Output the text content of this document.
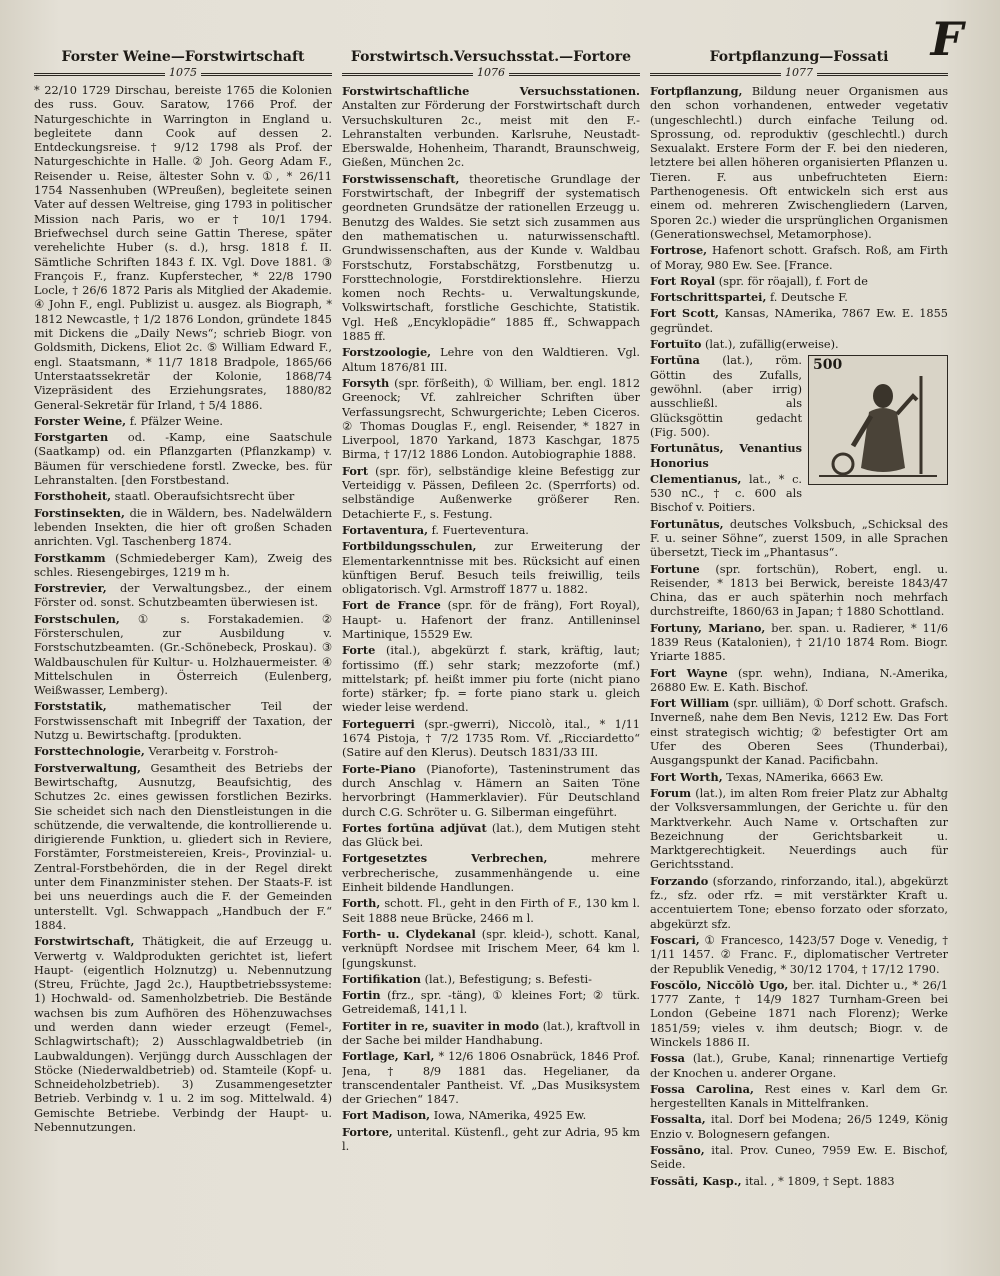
F
Forster Weine—Forstwirtschaft
1075
* 22/10 1729 Dirschau, bereiste 1765 die Kolonien des russ. Gouv. Saratow, 1766 Prof. der Naturgeschichte in Warrington in England u. begleitete dann Cook auf dessen 2. Entdeckungsreise. † 9/12 1798 als Prof. der Naturgeschichte in Halle. ② Joh. Georg Adam F., Reisender u. Reise, ältester Sohn v. ①, * 26/11 1754 Nassenhuben (WPreußen), begleitete seinen Vater auf dessen Weltreise, ging 1793 in politischer Mission nach Paris, wo er † 10/1 1794. Briefwechsel durch seine Gattin Therese, später verehelichte Huber (s. d.), hrsg. 1818 f. II. Sämtliche Schriften 1843 f. IX. Vgl. Dove 1881. ③ François F., franz. Kupferstecher, * 22/8 1790 Locle, † 26/6 1872 Paris als Mitglied der Akademie. ④ John F., engl. Publizist u. ausgez. als Biograph, * 1812 Newcastle, † 1/2 1876 London, gründete 1845 mit Dickens die „Daily News“; schrieb Biogr. von Goldsmith, Dickens, Eliot 2c. ⑤ William Edward F., engl. Staatsmann, * 11/7 1818 Bradpole, 1865/66 Unterstaatssekretär der Kolonie, 1868/74 Vizepräsident des Erziehungsrates, 1880/82 General-Sekretär für Irland, † 5/4 1886.
Forster Weine, f. Pfälzer Weine.
Forstgarten od. -Kamp, eine Saatschule (Saatkamp) od. ein Pflanzgarten (Pflanzkamp) v. Bäumen für verschiedene forstl. Zwecke, bes. für Lehranstalten. [den Forstbestand.
Forsthoheit, staatl. Oberaufsichtsrecht über
Forstinsekten, die in Wäldern, bes. Nadelwäldern lebenden Insekten, die hier oft großen Schaden anrichten. Vgl. Taschenberg 1874.
Forstkamm (Schmiedeberger Kam), Zweig des schles. Riesengebirges, 1219 m h.
Forstrevier, der Verwaltungsbez., der einem Förster od. sonst. Schutzbeamten überwiesen ist.
Forstschulen, ① s. Forstakademien. ② Försterschulen, zur Ausbildung v. Forstschutzbeamten. (Gr.-Schönebeck, Proskau). ③ Waldbauschulen für Kultur- u. Holzhauermeister. ④ Mittelschulen in Österreich (Eulenberg, Weißwasser, Lemberg).
Forststatik,	mathematischer Teil der Forstwissenschaft mit Inbegriff der Taxation, der Nutzg u. Bewirtschaftg. [produkten.
Forsttechnologie, Verarbeitg v. Forstroh-
Forstverwaltung, Gesamtheit des Betriebs der Bewirtschaftg, Ausnutzg, Beaufsichtig, des Schutzes 2c. eines gewissen forstlichen Bezirks. Sie scheidet sich nach den Dienstleistungen in die schützende, die verwaltende, die kontrollierende u. dirigierende Funktion, u. gliedert sich in Reviere, Forstämter, Forstmeistereien, Kreis-, Provinzial- u. Zentral-Forstbehörden, die in der Regel direkt unter dem Finanzminister stehen. Der Staats-F. ist bei uns neuerdings auch die F. der Gemeinden unterstellt. Vgl. Schwappach „Handbuch der F.“ 1884.
Forstwirtschaft, Thätigkeit, die auf Erzeugg u. Verwertg v. Waldprodukten gerichtet ist, liefert Haupt- (eigentlich Holznutzg) u. Nebennutzung (Streu, Früchte, Jagd 2c.), Hauptbetriebssysteme: 1) Hochwald- od. Samenholzbetrieb. Die Bestände wachsen bis zum Aufhören des Höhenzuwachses und werden dann wieder erzeugt (Femel-, Schlagwirtschaft); 2) Ausschlagwaldbetrieb (in Laubwaldungen). Verjüngg durch Ausschlagen der Stöcke (Niederwaldbetrieb) od. Stamteile (Kopf- u. Schneideholzbetrieb). 3) Zusammengesetzter Betrieb. Verbindg v. 1 u. 2 im sog. Mittelwald. 4) Gemischte Betriebe. Verbindg der Haupt- u. Nebennutzungen.
Forstwirtsch.Versuchsstat.—Fortore
1076
Forstwirtschaftliche Versuchsstationen. Anstalten zur Förderung der Forstwirtschaft durch Versuchskulturen 2c., meist mit den F.-Lehranstalten verbunden. Karlsruhe, Neustadt-Eberswalde, Hohenheim, Tharandt, Braunschweig, Gießen, München 2c.
Forstwissenschaft, theoretische Grundlage der Forstwirtschaft, der Inbegriff der systematisch geordneten Grundsätze der rationellen Erzeugg u. Benutzg des Waldes. Sie setzt sich zusammen aus den mathematischen u. naturwissenschaftl. Grundwissenschaften, aus der Kunde v. Waldbau Forstschutz, Forstabschätzg, Forstbenutzg u. Forsttechnologie, Forstdirektionslehre. Hierzu komen noch Rechts- u. Verwaltungskunde, Volkswirtschaft, forstliche Geschichte, Statistik. Vgl. Heß „Encyklopädie“ 1885 ff., Schwappach 1885 ff.
Forstzoologie, Lehre von den Waldtieren. Vgl. Altum 1876/81 III.
Forsyth (spr. förßeith), ① William, ber. engl. 1812 Greenock; Vf. zahlreicher Schriften über Verfassungsrecht, Schwurgerichte; Leben Ciceros. ② Thomas Douglas F., engl. Reisender, * 1827 in Liverpool, 1870 Yarkand, 1873 Kaschgar, 1875 Birma, † 17/12 1886 London. Autobiographie 1888.
Fort (spr. för), selbständige kleine Befestigg zur Verteidigg v. Pässen, Defileen 2c. (Sperrforts) od. selbständige Außenwerke größerer Ren. Detachierte F., s. Festung.
Fortaventura, f. Fuerteventura.
Fortbildungsschulen, zur Erweiterung der Elementarkenntnisse mit bes. Rücksicht auf einen künftigen Beruf. Besuch teils freiwillig, teils obligatorisch. Vgl. Armstroff 1877 u. 1882.
Fort de France (spr. för de fräng), Fort Royal), Haupt- u. Hafenort der franz. Antilleninsel Martinique, 15529 Ew.
Forte (ital.), abgekürzt f. stark, kräftig, laut; fortissimo (ff.) sehr stark; mezzoforte (mf.) mittelstark; pf. heißt immer piu forte (nicht piano forte) stärker; fp. = forte piano stark u. gleich wieder leise werdend.
Forteguerri (spr.-gwerri), Niccolò, ital., * 1/11 1674 Pistoja, † 7/2 1735 Rom. Vf. „Ricciardetto“ (Satire auf den Klerus). Deutsch 1831/33 III.
Forte-Piano (Pianoforte), Tasteninstrument das durch Anschlag v. Hämern an Saiten Töne hervorbringt (Hammerklavier). Für Deutschland durch C.G. Schröter u. G. Silberman eingeführt.
Fortes fortūna adjŭvat (lat.), dem Mutigen steht das Glück bei.
Fortgesetztes Verbrechen,	mehrere verbrecherische, zusammenhängende u. eine Einheit bildende Handlungen.
Forth, schott. Fl., geht in den Firth of F., 130 km l. Seit 1888 neue Brücke, 2466 m l.
Forth- u. Clydekanal (spr. kleid-), schott. Kanal, verknüpft Nordsee mit Irischem Meer, 64 km l. [gungskunst.
Fortifikation (lat.), Befestigung; s. Befesti-
Fortin (frz., spr. -täng), ① kleines Fort; ② türk. Getreidemaß, 141,1 l.
Fortiter in re, suaviter in modo (lat.), kraftvoll in der Sache bei milder Handhabung.
Fortlage, Karl, * 12/6 1806 Osnabrück, 1846 Prof. Jena, † 8/9 1881 das. Hegelianer, da transcendentaler Pantheist. Vf. „Das Musiksystem der Griechen“ 1847.
Fort Madison, Iowa, NAmerika, 4925 Ew.
Fortore, unterital. Küstenfl., geht zur Adria, 95 km l.
Fortpflanzung—Fossati
1077
Fortpflanzung, Bildung neuer Organismen aus den schon vorhandenen, entweder vegetativ (ungeschlechtl.) durch einfache Teilung od. Sprossung, od. reproduktiv (geschlechtl.) durch Sexualakt. Erstere Form der F. bei den niederen, letztere bei allen höheren organisierten Pflanzen u. Tieren. F. aus unbefruchteten Eiern: Parthenogenesis. Oft entwickeln sich erst aus einem od. mehreren Zwischengliedern (Larven, Sporen 2c.) wieder die ursprünglichen Organismen (Generationswechsel, Metamorphose).
Fortrose, Hafenort schott. Grafsch. Roß, am Firth of Moray, 980 Ew. See. [France.
Fort Royal (spr. för röajall), f. Fort de
Fortschrittspartei, f. Deutsche F.
Fort Scott, Kansas, NAmerika, 7867 Ew. E. 1855 gegründet.
Fortuĭto (lat.), zufällig(erweise).
500
Fortūna (lat.), röm. Göttin des Zufalls, gewöhnl. (aber irrig) ausschließl. als Glücksgöttin gedacht (Fig. 500).
Fortunātus, Venantius Honorius Clementianus, lat., * c. 530 nC., † c. 600 als Bischof v. Poitiers.
Fortunātus, deutsches Volksbuch, „Schicksal des F. u. seiner Söhne“, zuerst 1509, in alle Sprachen übersetzt, Tieck im „Phantasus“.
Fortune (spr. fortschün), Robert, engl. u. Reisender, * 1813 bei Berwick, bereiste 1843/47 China, das er auch späterhin noch mehrfach durchstreifte, 1860/63 in Japan; † 1880 Schottland.
Fortuny, Mariano, ber. span. u. Radierer, * 11/6 1839 Reus (Katalonien), † 21/10 1874 Rom. Biogr. Yriarte 1885.
Fort Wayne (spr. wehn), Indiana, N.-Amerika, 26880 Ew. E. Kath. Bischof.
Fort William (spr. uilliäm), ① Dorf schott. Grafsch. Inverneß, nahe dem Ben Nevis, 1212 Ew. Das Fort einst strategisch wichtig; ② befestigter Ort am Ufer des Oberen Sees (Thunderbai), Ausgangspunkt der Kanad. Pacificbahn.
Fort Worth, Texas, NAmerika, 6663 Ew.
Forum (lat.), im alten Rom freier Platz zur Abhaltg der Volksversammlungen, der Gerichte u. für den Marktverkehr. Auch Name v. Ortschaften zur Bezeichnung der Gerichtsbarkeit u. Marktgerechtigkeit. Neuerdings auch für Gerichtsstand.
Forzando (sforzando, rinforzando, ital.), abgekürzt fz., sfz. oder rfz. = mit verstärkter Kraft u. accentuiertem Tone; ebenso forzato oder sforzato, abgekürzt sfz.
Foscari, ① Francesco, 1423/57 Doge v. Venedig, † 1/11 1457. ② Franc. F., diplomatischer Vertreter der Republik Venedig, * 30/12 1704, † 17/12 1790.
Foscŏlo, Niccŏlò Ugo, ber. ital. Dichter u., * 26/1 1777 Zante, † 14/9 1827 Turnham-Green bei London (Gebeine 1871 nach Florenz); Werke 1851/59; vieles v. ihm deutsch; Biogr. v. de Winckels 1886 II.
Fossa (lat.), Grube, Kanal; rinnenartige Vertiefg der Knochen u. anderer Organe.
Fossa Carolina, Rest eines v. Karl dem Gr. hergestellten Kanals in Mittelfranken.
Fossalta, ital. Dorf bei Modena; 26/5 1249, König Enzio v. Bolognesern gefangen.
Fossāno, ital. Prov. Cuneo, 7959 Ew. E. Bischof, Seide.
Fossāti, Kasp., ital. , * 1809, † Sept. 1883
